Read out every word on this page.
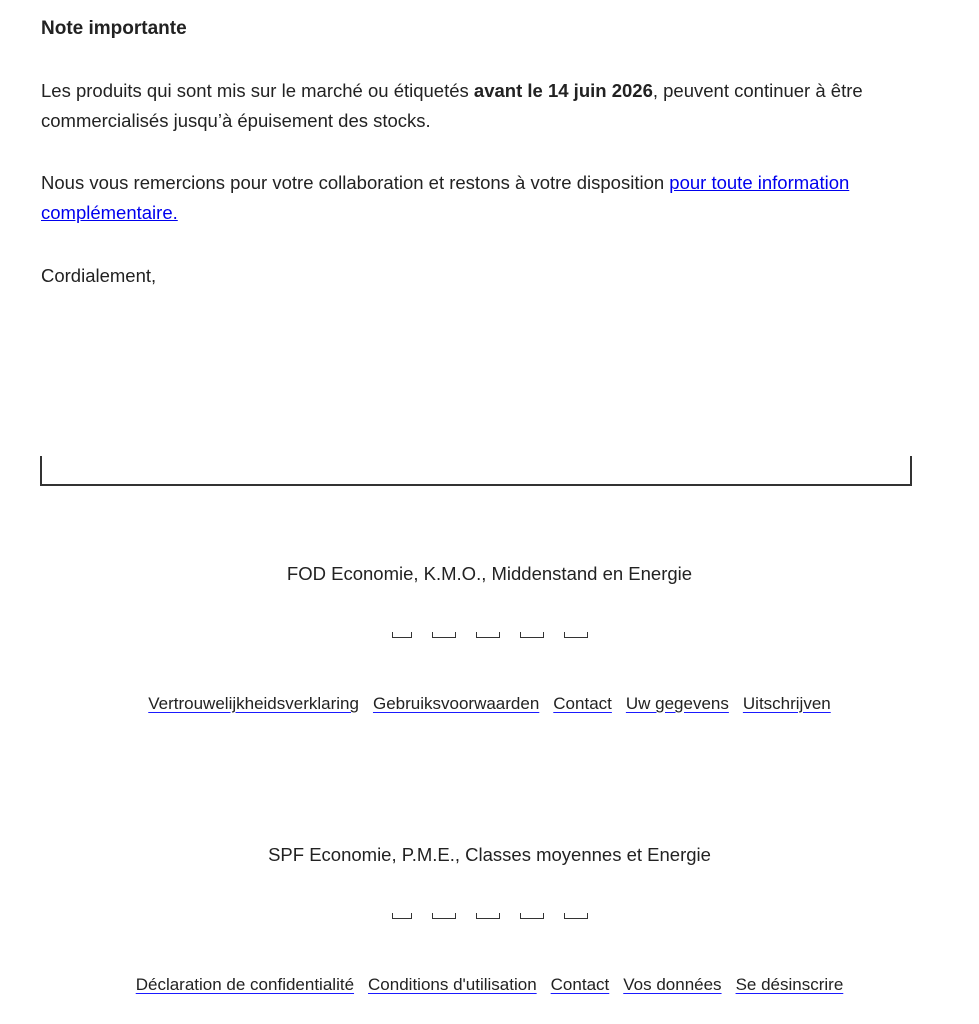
Note importante

Les produits qui sont mis sur le marché ou étiquetés avant le 14 juin 2026, peuvent continuer à être commercialisés jusqu’à épuisement des stocks.

Nous vous remercions pour votre collaboration et restons à votre disposition pour toute information complémentaire.

Cordialement,

FOD Economie, K.M.O., Middenstand en Energie

Vertrouwelijkheidsverklaring Gebruiksvoorwaarden Contact Uw gegevens Uitschrijven

SPF Economie, P.M.E., Classes moyennes et Energie

Déclaration de confidentialité Conditions d'utilisation Contact Vos données Se désinscrire
